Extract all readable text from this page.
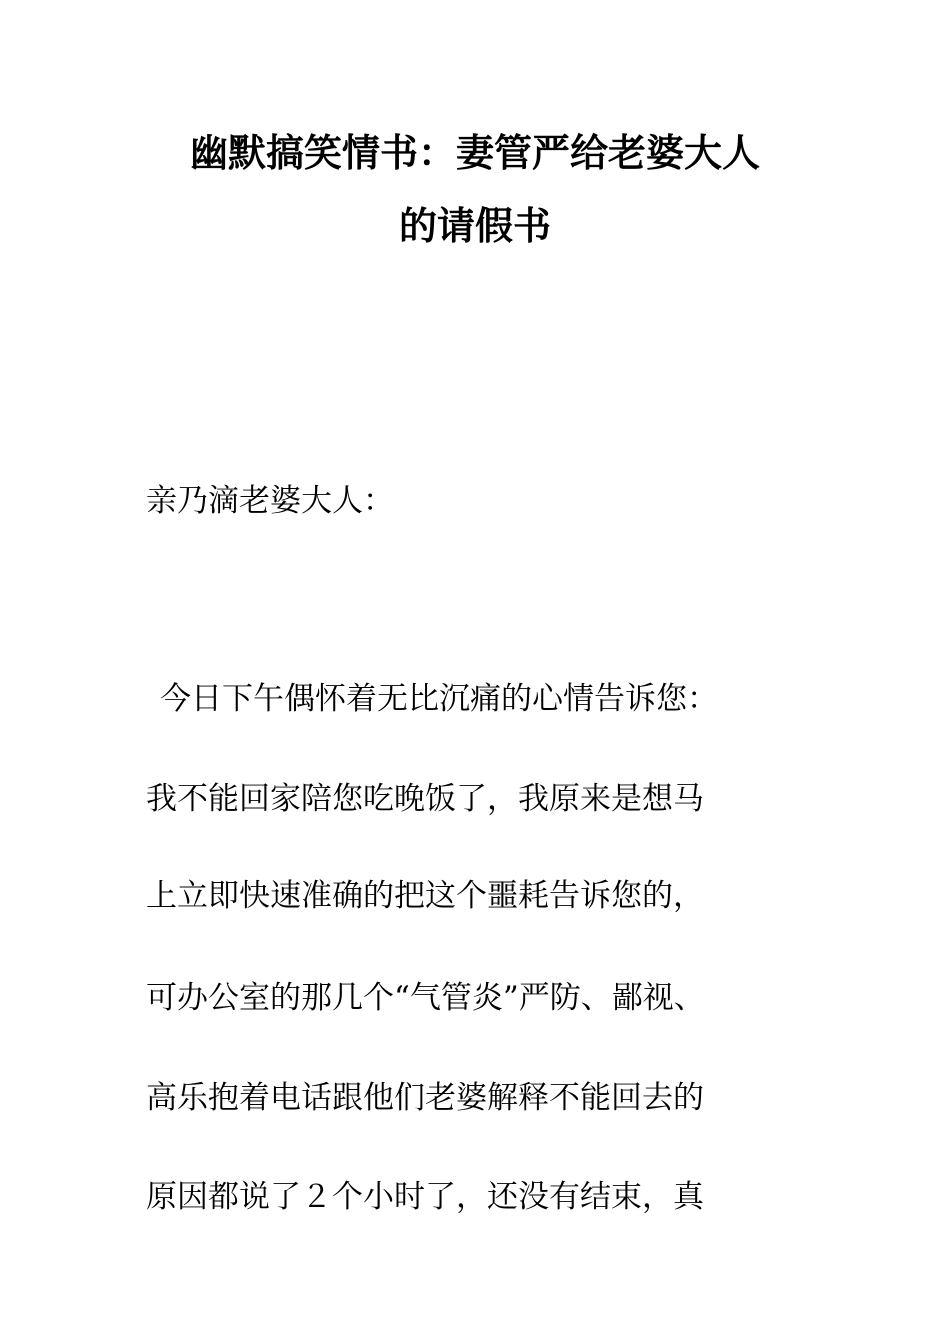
幽默搞笑情书：妻管严给老婆大人
的请假书
亲乃滴老婆大人：
今日下午偶怀着无比沉痛的心情告诉您：
我不能回家陪您吃晚饭了，我原来是想马
上立即快速准确的把这个噩耗告诉您的，
可办公室的那几个“气管炎”严防、鄙视、
高乐抱着电话跟他们老婆解释不能回去的
原因都说了２个小时了，还没有结束，真
